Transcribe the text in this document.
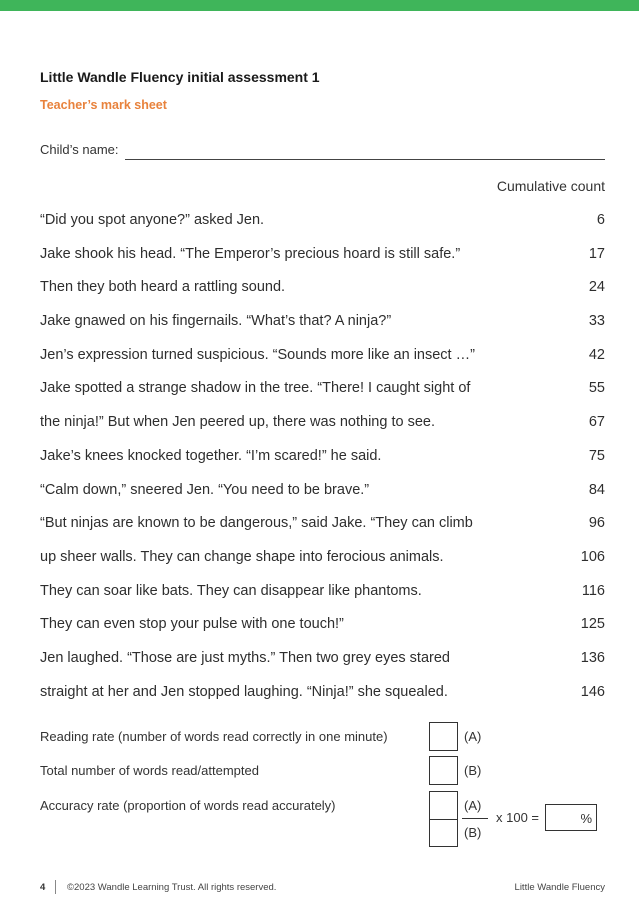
Little Wandle Fluency initial assessment 1
Teacher’s mark sheet
Child’s name:
Cumulative count
“Did you spot anyone?” asked Jen.	6
Jake shook his head. “The Emperor’s precious hoard is still safe.”	17
Then they both heard a rattling sound.	24
Jake gnawed on his fingernails. “What’s that? A ninja?”	33
Jen’s expression turned suspicious. “Sounds more like an insect …”	42
Jake spotted a strange shadow in the tree. “There! I caught sight of	55
the ninja!” But when Jen peered up, there was nothing to see.	67
Jake’s knees knocked together. “I’m scared!” he said.	75
“Calm down,” sneered Jen. “You need to be brave.”	84
“But ninjas are known to be dangerous,” said Jake. “They can climb	96
up sheer walls. They can change shape into ferocious animals.	106
They can soar like bats. They can disappear like phantoms.	116
They can even stop your pulse with one touch!”	125
Jen laughed. “Those are just myths.” Then two grey eyes stared	136
straight at her and Jen stopped laughing. “Ninja!” she squealed.	146
Reading rate (number of words read correctly in one minute)	(A)
Total number of words read/attempted	(B)
Accuracy rate (proportion of words read accurately)	(A)
(B)
x 100 =	%
4 ©2023 Wandle Learning Trust. All rights reserved.	Little Wandle Fluency
